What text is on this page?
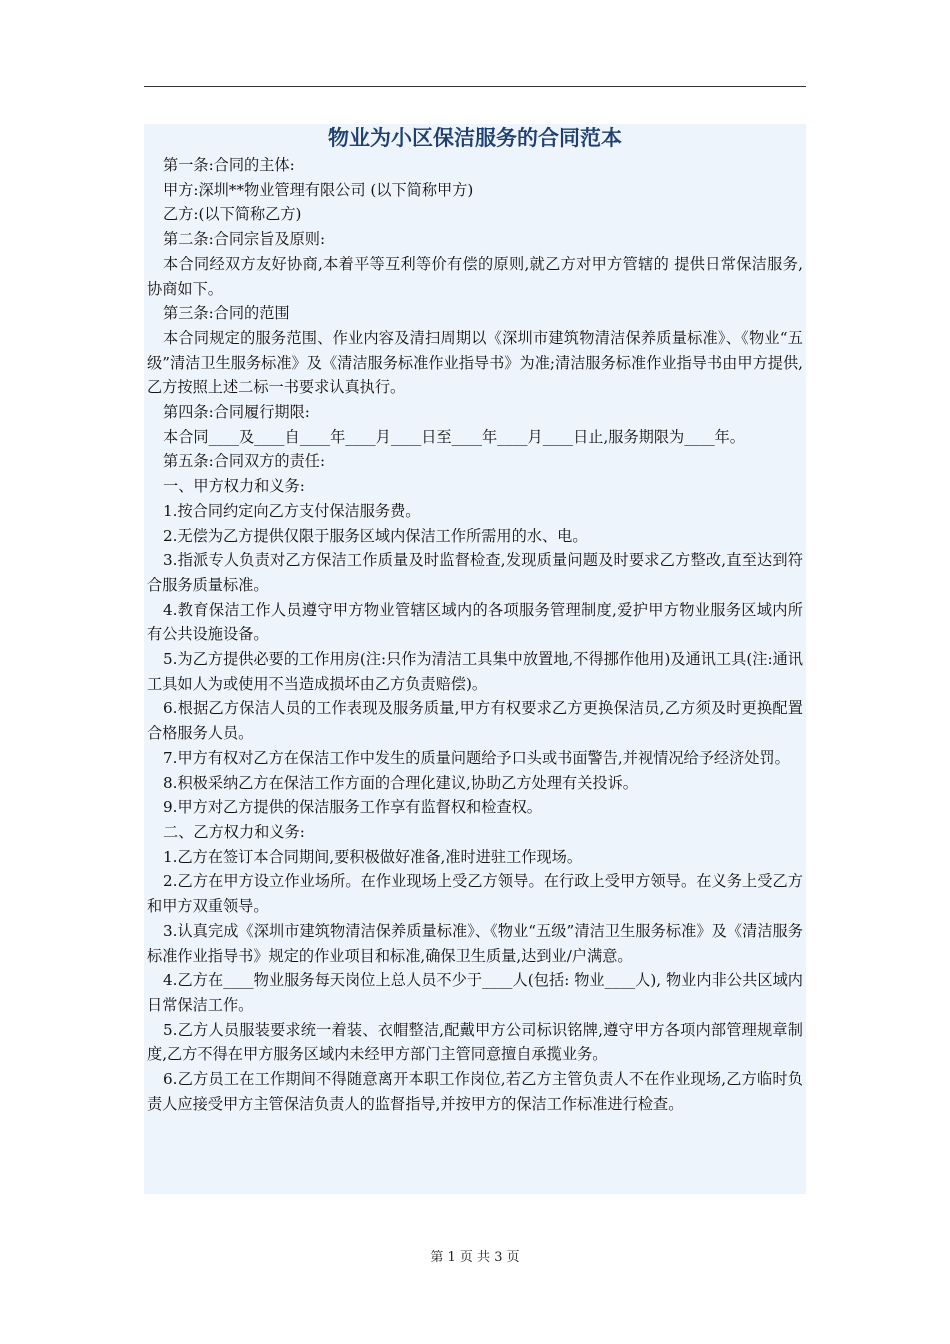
物业为小区保洁服务的合同范本

第一条:合同的主体:

甲方:深圳**物业管理有限公司 (以下简称甲方)

乙方:(以下简称乙方)

第二条:合同宗旨及原则:

本合同经双方友好协商,本着平等互利等价有偿的原则,就乙方对甲方管辖的 提供日常保洁服务,协商如下。

第三条:合同的范围

本合同规定的服务范围、作业内容及清扫周期以《深圳市建筑物清洁保养质量标准》、《物业“五级”清洁卫生服务标准》及《清洁服务标准作业指导书》为准;清洁服务标准作业指导书由甲方提供,乙方按照上述二标一书要求认真执行。

第四条:合同履行期限:

本合同____及____自____年____月____日至____年____月____日止,服务期限为____年。

第五条:合同双方的责任:

一、甲方权力和义务:

1.按合同约定向乙方支付保洁服务费。

2.无偿为乙方提供仅限于服务区域内保洁工作所需用的水、电。

3.指派专人负责对乙方保洁工作质量及时监督检查,发现质量问题及时要求乙方整改,直至达到符合服务质量标准。

4.教育保洁工作人员遵守甲方物业管辖区域内的各项服务管理制度,爱护甲方物业服务区域内所有公共设施设备。

5.为乙方提供必要的工作用房(注:只作为清洁工具集中放置地,不得挪作他用)及通讯工具(注:通讯工具如人为或使用不当造成损坏由乙方负责赔偿)。

6.根据乙方保洁人员的工作表现及服务质量,甲方有权要求乙方更换保洁员,乙方须及时更换配置合格服务人员。

7.甲方有权对乙方在保洁工作中发生的质量问题给予口头或书面警告,并视情况给予经济处罚。

8.积极采纳乙方在保洁工作方面的合理化建议,协助乙方处理有关投诉。

9.甲方对乙方提供的保洁服务工作享有监督权和检查权。

二、乙方权力和义务:

1.乙方在签订本合同期间,要积极做好准备,准时进驻工作现场。

2.乙方在甲方设立作业场所。在作业现场上受乙方领导。在行政上受甲方领导。在义务上受乙方和甲方双重领导。

3.认真完成《深圳市建筑物清洁保养质量标准》、《物业“五级”清洁卫生服务标准》及《清洁服务标准作业指导书》规定的作业项目和标准,确保卫生质量,达到业/户满意。

4.乙方在____物业服务每天岗位上总人员不少于____人(包括: 物业____人), 物业内非公共区域内日常保洁工作。

5.乙方人员服装要求统一着装、衣帽整洁,配戴甲方公司标识铭牌,遵守甲方各项内部管理规章制度,乙方不得在甲方服务区域内未经甲方部门主管同意擅自承揽业务。

6.乙方员工在工作期间不得随意离开本职工作岗位,若乙方主管负责人不在作业现场,乙方临时负责人应接受甲方主管保洁负责人的监督指导,并按甲方的保洁工作标准进行检查。

第 1 页 共 3 页
